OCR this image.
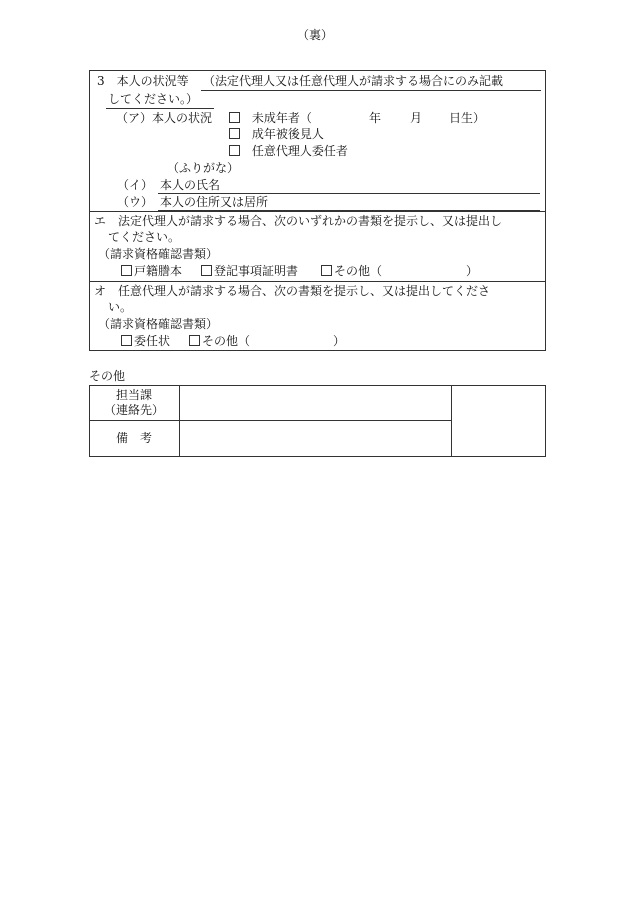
（裏）
3　本人の状況等 （法定代理人又は任意代理人が請求する場合にのみ記載
してください。）
（ア）本人の状況	未成年者（	年 月 日生）
成年被後見人
任意代理人委任者
（ふりがな）
（イ） 本人の氏名
（ウ） 本人の住所又は居所
エ　法定代理人が請求する場合、次のいずれかの書類を提示し、又は提出し
てください。
（請求資格確認書類）
戸籍謄本	登記事項証明書	その他（	）
オ　任意代理人が請求する場合、次の書類を提示し、又は提出してくださ
い。
（請求資格確認書類）
委任状	その他（	）
その他
担当課
（連絡先）
備　考
